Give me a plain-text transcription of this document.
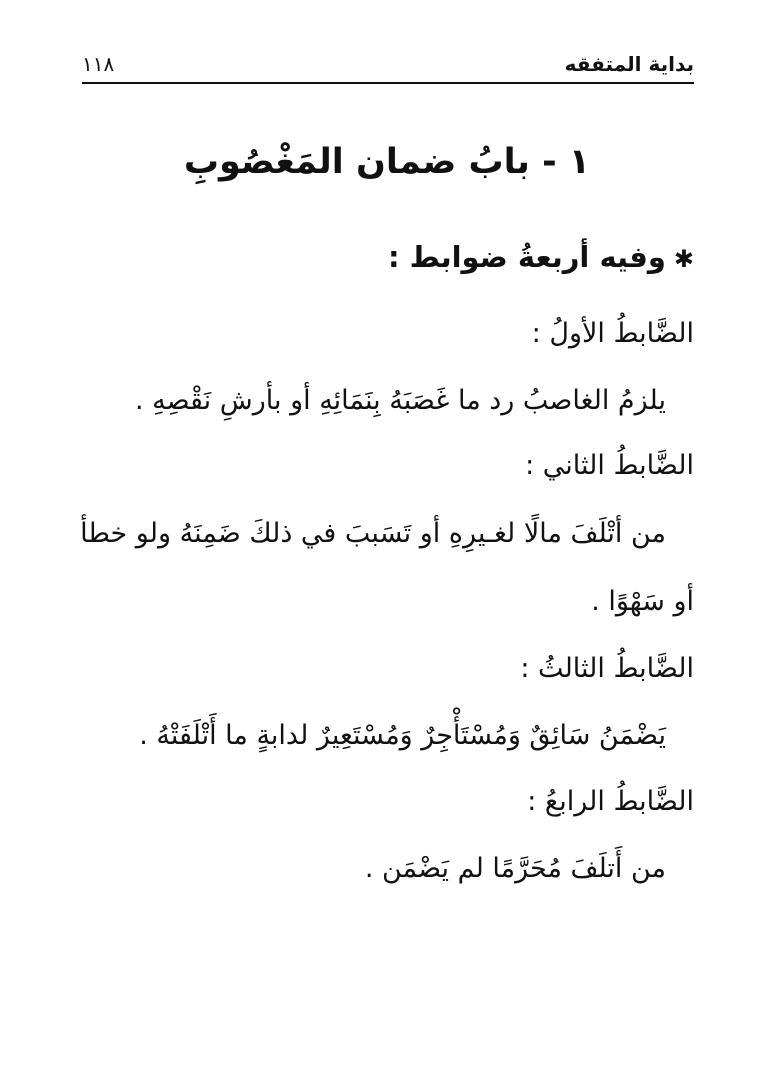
بداية المتفقه
١١٨
١ - بابُ ضمان المَغْصُوبِ
✱وفيه أربعةُ ضوابط :
الضَّابطُ الأولُ :
يلزمُ الغاصبُ رد ما غَصَبَهُ بِنَمَائِهِ أو بأرشِ نَقْصِهِ .
الضَّابطُ الثاني :
من أتْلَفَ مالًا لغـيرِهِ أو تَسَببَ في ذلكَ ضَمِنَهُ ولو خطأ
أو سَهْوًا .
الضَّابطُ الثالثُ :
يَضْمَنُ سَائِقٌ وَمُسْتَأْجِرٌ وَمُسْتَعِيرٌ لدابةٍ ما أَتْلَفَتْهُ .
الضَّابطُ الرابعُ :
من أَتلَفَ مُحَرَّمًا لم يَضْمَن .
